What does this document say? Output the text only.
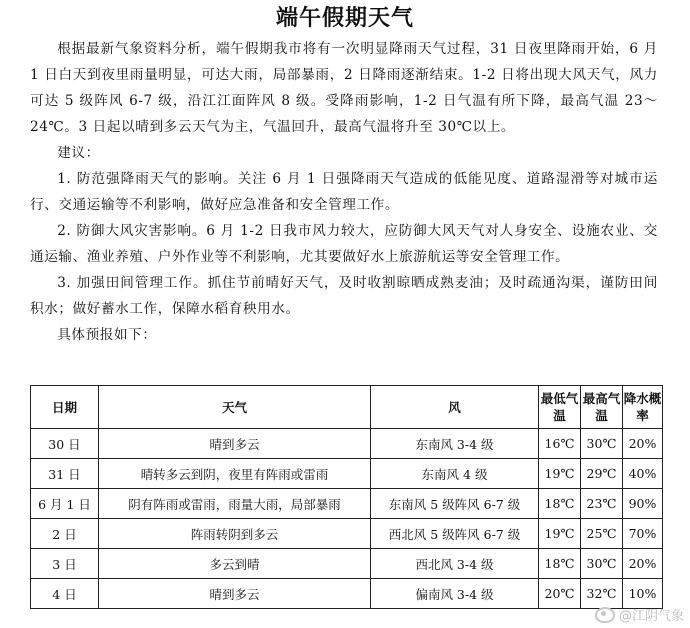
端午假期天气

根据最新气象资料分析，端午假期我市将有一次明显降雨天气过程，31 日夜里降雨开始，6 月 1 日白天到夜里雨量明显，可达大雨，局部暴雨，2 日降雨逐渐结束。1-2 日将出现大风天气，风力可达 5 级阵风 6-7 级，沿江江面阵风 8 级。受降雨影响，1-2 日气温有所下降，最高气温 23～24℃。3 日起以晴到多云天气为主，气温回升，最高气温将升至 30℃以上。

建议：

1. 防范强降雨天气的影响。关注 6 月 1 日强降雨天气造成的低能见度、道路湿滑等对城市运行、交通运输等不利影响，做好应急准备和安全管理工作。

2. 防御大风灾害影响。6 月 1-2 日我市风力较大，应防御大风天气对人身安全、设施农业、交通运输、渔业养殖、户外作业等不利影响，尤其要做好水上旅游航运等安全管理工作。

3. 加强田间管理工作。抓住节前晴好天气，及时收割晾晒成熟麦油；及时疏通沟渠，谨防田间积水；做好蓄水工作，保障水稻育秧用水。

具体预报如下：

日期	天气	风	最低气温	最高气温	降水概率
30 日	晴到多云	东南风 3-4 级	16℃	30℃	20%
31 日	晴转多云到阴，夜里有阵雨或雷雨	东南风 4 级	19℃	29℃	40%
6 月 1 日	阴有阵雨或雷雨，雨量大雨，局部暴雨	东南风 5 级阵风 6-7 级	18℃	23℃	90%
2 日	阵雨转阴到多云	西北风 5 级阵风 6-7 级	19℃	25℃	70%
3 日	多云到晴	西北风 3-4 级	18℃	30℃	20%
4 日	晴到多云	偏南风 3-4 级	20℃	32℃	10%
@江阴气象
